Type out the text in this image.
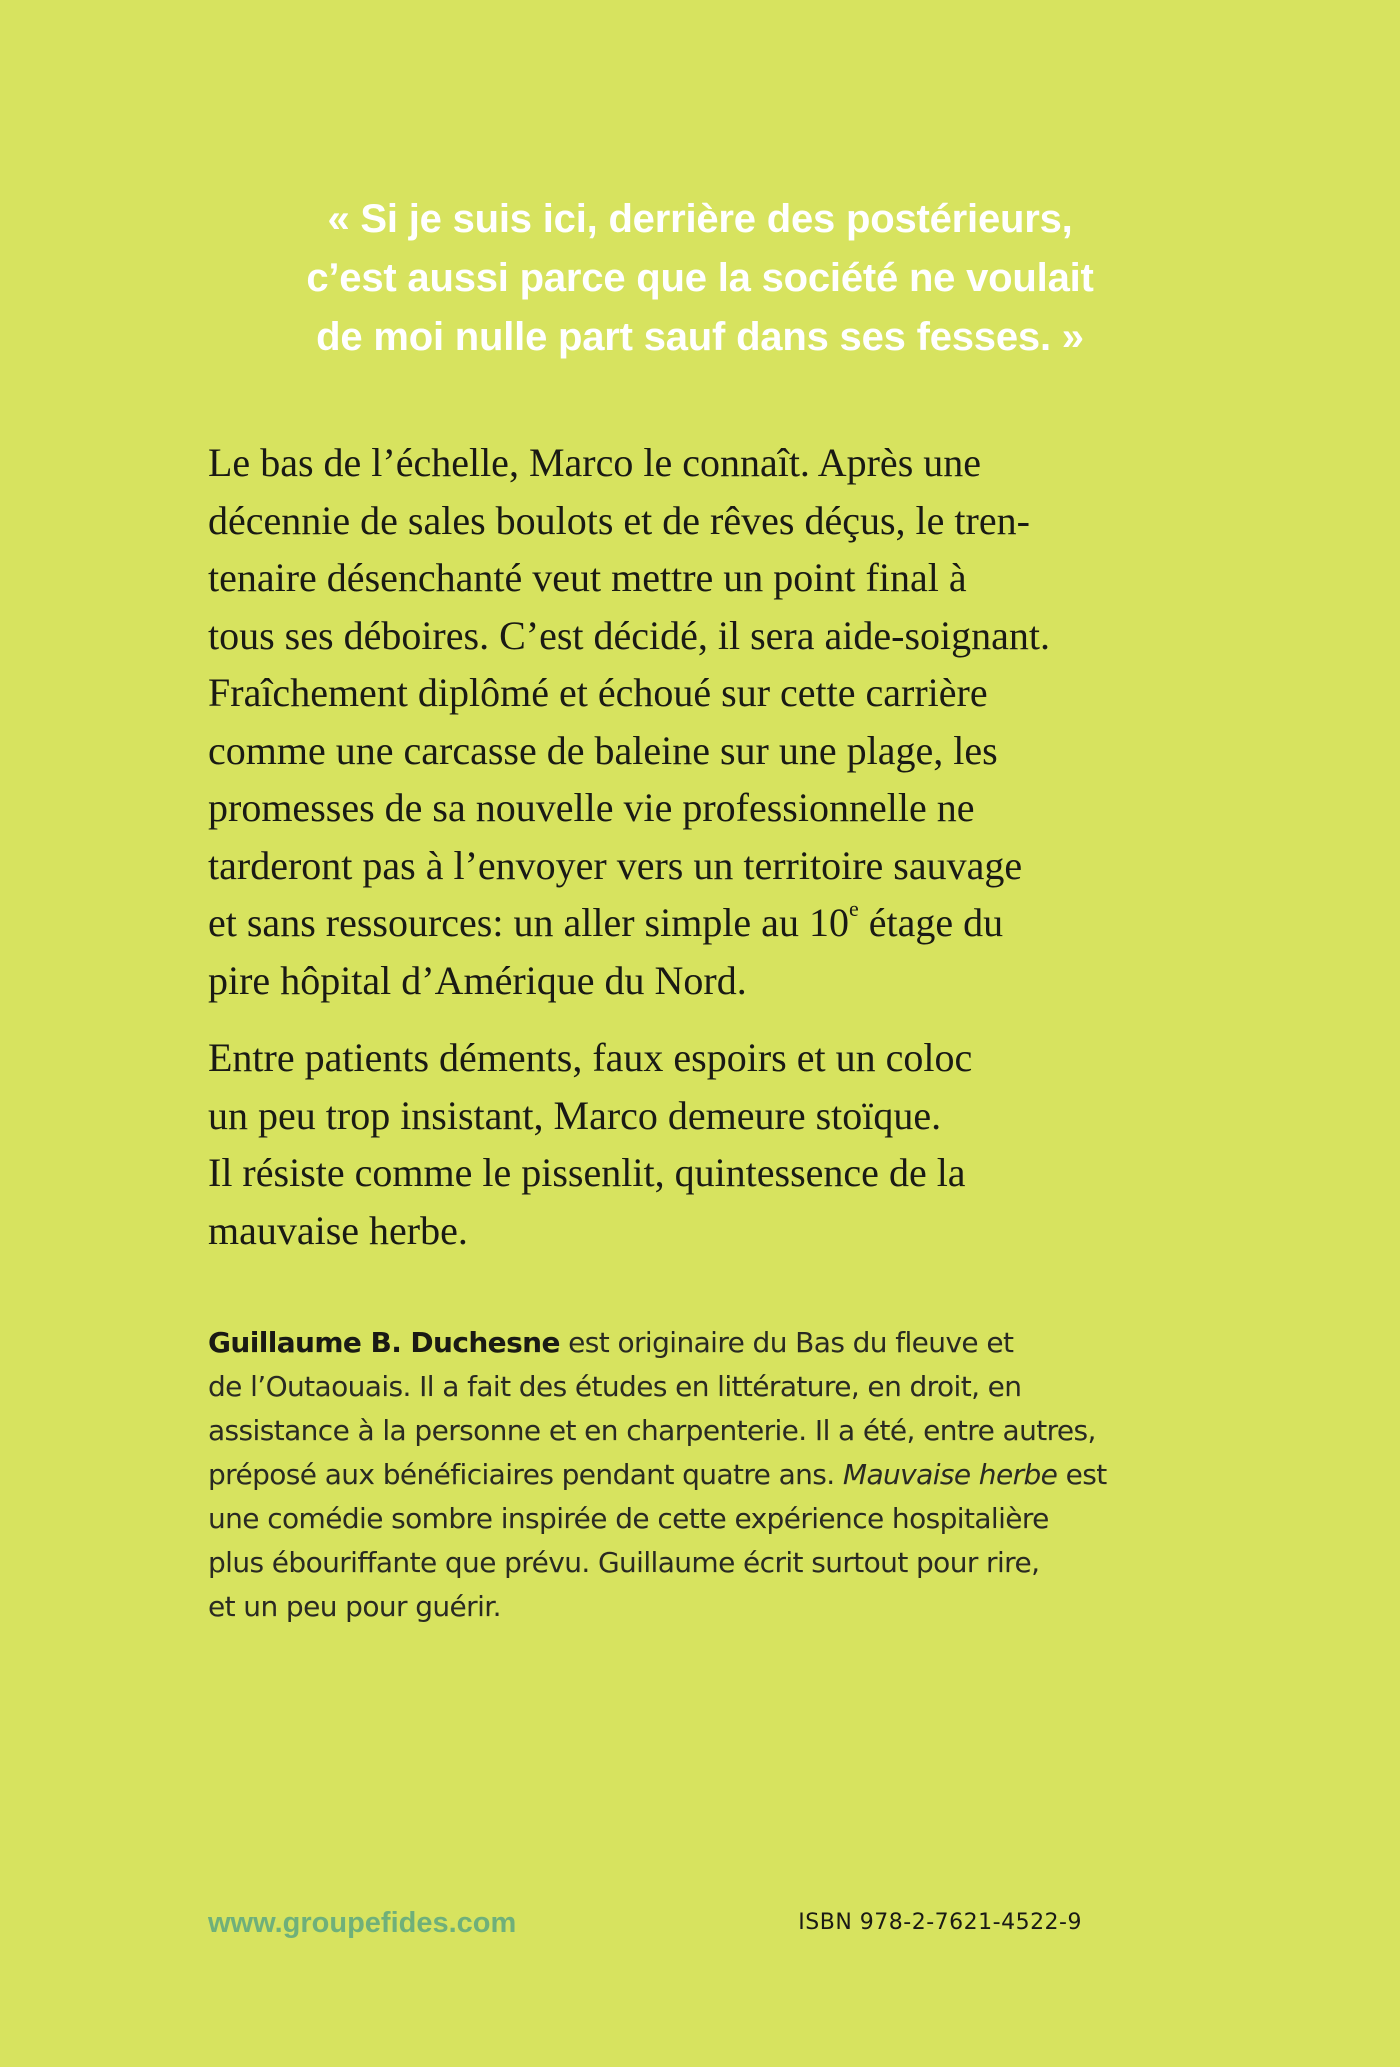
« Si je suis ici, derrière des postérieurs,
c’est aussi parce que la société ne voulait
de moi nulle part sauf dans ses fesses. »

Le bas de l’échelle, Marco le connaît. Après une
décennie de sales boulots et de rêves déçus, le tren-
tenaire désenchanté veut mettre un point final à
tous ses déboires. C’est décidé, il sera aide-soignant.
Fraîchement diplômé et échoué sur cette carrière
comme une carcasse de baleine sur une plage, les
promesses de sa nouvelle vie professionnelle ne
tarderont pas à l’envoyer vers un territoire sauvage
et sans ressources: un aller simple au 10e étage du
pire hôpital d’Amérique du Nord.

Entre patients déments, faux espoirs et un coloc
un peu trop insistant, Marco demeure stoïque.
Il résiste comme le pissenlit, quintessence de la
mauvaise herbe.

Guillaume B. Duchesne est originaire du Bas du fleuve et
de l’Outaouais. Il a fait des études en littérature, en droit, en
assistance à la personne et en charpenterie. Il a été, entre autres,
préposé aux bénéficiaires pendant quatre ans. Mauvaise herbe est
une comédie sombre inspirée de cette expérience hospitalière
plus ébouriffante que prévu. Guillaume écrit surtout pour rire,
et un peu pour guérir.
www.groupefides.com	ISBN 978-2-7621-4522-9
